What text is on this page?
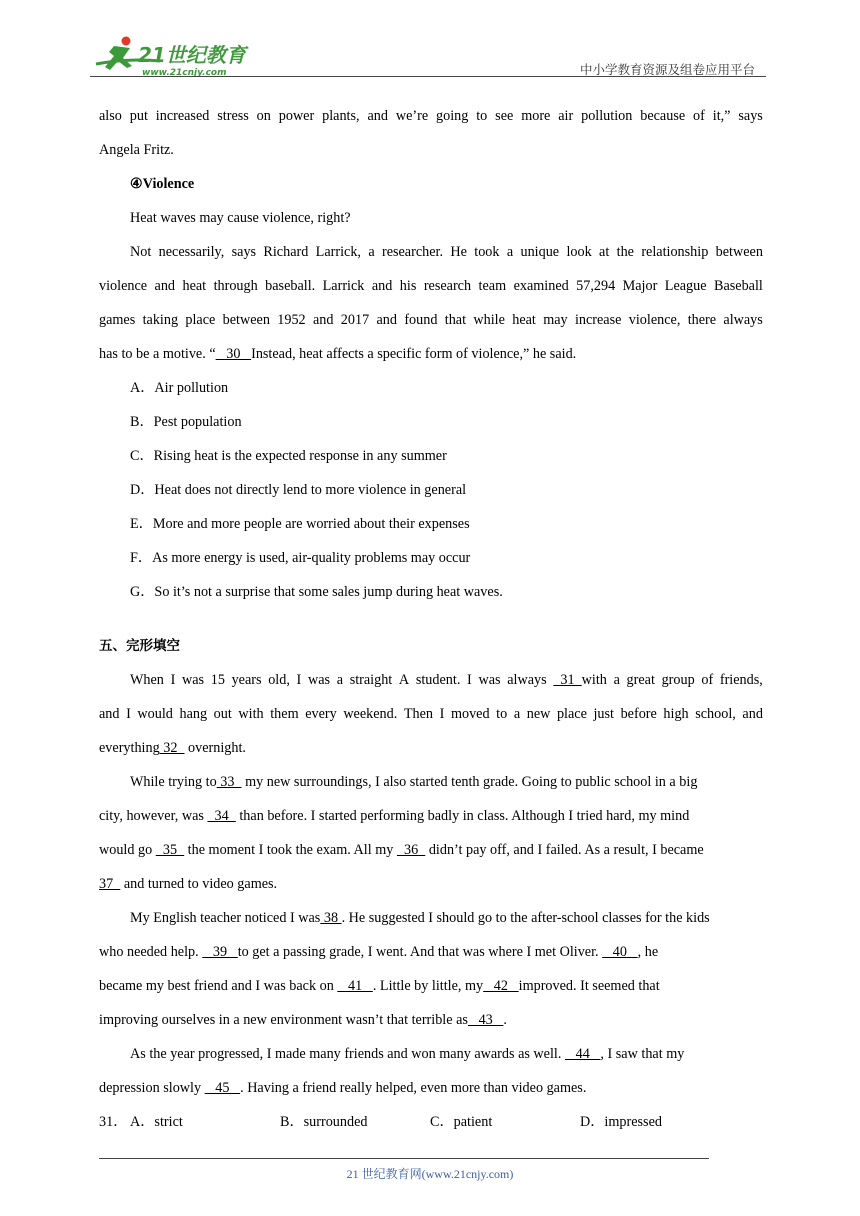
21世纪教育
www.21cnjy.com	中小学教育资源及组卷应用平台
also put increased stress on power plants, and we’re going to see more air pollution because of it,” says
Angela Fritz.
④Violence
Heat waves may cause violence, right?
Not necessarily, says Richard Larrick, a researcher. He took a unique look at the relationship between
violence and heat through baseball. Larrick and his research team examined 57,294 Major League Baseball
games taking place between 1952 and 2017 and found that while heat may increase violence, there always
has to be a motive. “   30   Instead, heat affects a specific form of violence,” he said.
A．Air pollution
B．Pest population
C．Rising heat is the expected response in any summer
D．Heat does not directly lend to more violence in general
E．More and more people are worried about their expenses
F．As more energy is used, air-quality problems may occur
G．So it’s not a surprise that some sales jump during heat waves.
五、完形填空
When I was 15 years old, I was a straight A student. I was always 31  with a great group of friends,
and I would hang out with them every weekend. Then I moved to a new place just before high school, and
everything 32   overnight.
While trying to 33   my new surroundings, I also started tenth grade. Going to public school in a big
city, however, was   34   than before. I started performing badly in class. Although I tried hard, my mind
would go   35   the moment I took the exam. All my   36   didn’t pay off, and I failed. As a result, I became
37   and turned to video games.
My English teacher noticed I was 38 . He suggested I should go to the after-school classes for the kids
who needed help.    39   to get a passing grade, I went. And that was where I met Oliver.    40   , he
became my best friend and I was back on    41   . Little by little, my   42   improved. It seemed that
improving ourselves in a new environment wasn’t that terrible as   43   .
As the year progressed, I made many friends and won many awards as well.    44   , I saw that my
depression slowly    45   . Having a friend really helped, even more than video games.
31． A．strict	B．surrounded	C．patient	D．impressed
21 世纪教育网(www.21cnjy.com)
